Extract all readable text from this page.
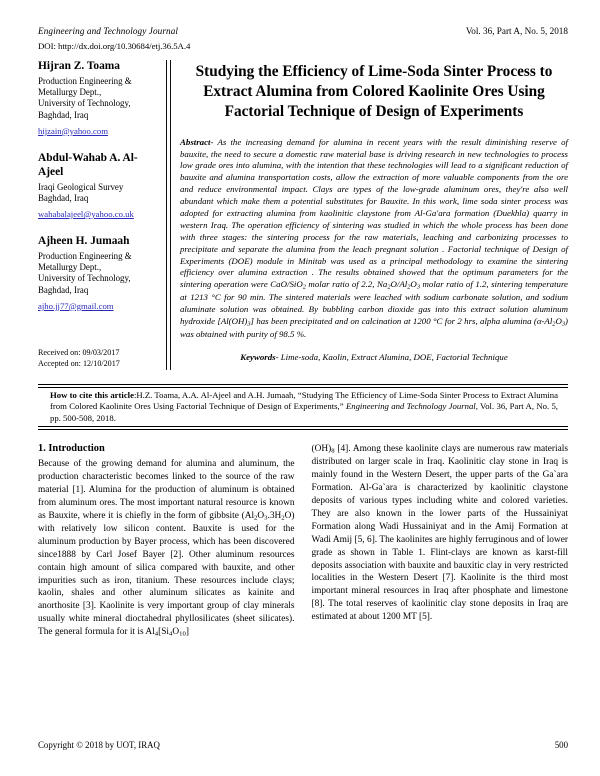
Engineering and Technology Journal	Vol. 36, Part A, No. 5, 2018
DOI: http://dx.doi.org/10.30684/etj.36.5A.4
Hijran Z. Toama
Production Engineering &
Metallurgy Dept.,
University of Technology,
Baghdad, Iraq
hijzain@yahoo.com
Abdul-Wahab A. Al-Ajeel
Iraqi Geological Survey
Baghdad, Iraq
wahabalajeel@yahoo.co.uk
Ajheen H. Jumaah
Production Engineering &
Metallurgy Dept.,
University of Technology,
Baghdad, Iraq
ajho.jj77@gmail.com
Received on: 09/03/2017
Accepted on: 12/10/2017
Studying the Efficiency of Lime-Soda Sinter Process to Extract Alumina from Colored Kaolinite Ores Using Factorial Technique of Design of Experiments
Abstract- As the increasing demand for alumina in recent years with the result diminishing reserve of bauxite, the need to secure a domestic raw material base is driving research in new technologies to process low grade ores into alumina, with the intention that these technologies will lead to a significant reduction of bauxite and alumina transportation costs, allow the extraction of more valuable components from the ore and reduce environmental impact. Clays are types of the low-grade aluminum ores, they're also well abundant which make them a potential substitutes for Bauxite. In this work, lime soda sinter process was adopted for extracting alumina from kaolinitic claystone from Al-Ga'ara formation (Duekhla) quarry in western Iraq. The operation efficiency of sintering was studied in which the whole process has been done with three stages: the sintering process for the raw materials, leaching and carbonizing processes to precipitate and separate the alumina from the leach pregnant solution . Factorial technique of Design of Experiments (DOE) module in Minitab was used as a principal methodology to examine the sintering efficiency over alumina extraction . The results obtained showed that the optimum parameters for the sintering operation were CaO/SiO$_2$ molar ratio of 2.2, $Na_2O/Al_2O_3$ molar ratio of 1.2, sintering temperature at 1213 °C for 90 min. The sintered materials were leached with sodium carbonate solution, and sodium aluminate solution was obtained. By bubbling carbon dioxide gas into this extract solution aluminum hydroxide $[Al(OH)_3]$ has been precipitated and on calcination at 1200 °C for 2 hrs, alpha alumina $(\alpha-Al_2O_3)$ was obtained with purity of 98.5 %.
Keywords- Lime-soda, Kaolin, Extract Alumina, DOE, Factorial Technique
How to cite this article:H.Z. Toama, A.A. Al-Ajeel and A.H. Jumaah, “Studying The Efficiency of Lime-Soda Sinter Process to Extract Alumina from Colored Kaolinite Ores Using Factorial Technique of Design of Experiments,” Engineering and Technology Journal, Vol. 36, Part A, No. 5, pp. 500-508, 2018.
1. Introduction
Because of the growing demand for alumina and aluminum, the production characteristic becomes linked to the source of the raw material [1]. Alumina for the production of aluminum is obtained from aluminum ores. The most important natural resource is known as Bauxite, where it is chiefly in the form of gibbsite $(Al_2O_3.3H_2O)$ with relatively low silicon content. Bauxite is used for the aluminum production by Bayer process, which has been discovered since1888 by Carl Josef Bayer [2]. Other aluminum resources contain high amount of silica compared with bauxite, and other impurities such as iron, titanium. These resources include clays; kaolin, shales and other aluminum silicates as kainite and anorthosite [3]. Kaolinite is very important group of clay minerals usually white mineral dioctahedral phyllosilicates (sheet silicates). The general formula for it is $Al_4[Si_4O_{10}]$
$(OH)_8$ [4]. Among these kaolinite clays are numerous raw materials distributed on larger scale in Iraq. Kaolinitic clay stone in Iraq is mainly found in the Western Desert, the upper parts of the Ga`ara Formation. Al-Ga`ara is characterized by kaolinitic claystone deposits of various types including white and colored varieties. They are also known in the lower parts of the Hussainiyat Formation along Wadi Hussainiyat and in the Amij Formation at Wadi Amij [5, 6]. The kaolinites are highly ferruginous and of lower grade as shown in Table 1. Flint-clays are known as karst-fill deposits association with bauxite and bauxitic clay in very restricted localities in the Western Desert [7]. Kaolinite is the third most important mineral resources in Iraq after phosphate and limestone [8]. The total reserves of kaolinitic clay stone deposits in Iraq are estimated at about 1200 MT [5].
Copyright © 2018 by UOT, IRAQ	500
